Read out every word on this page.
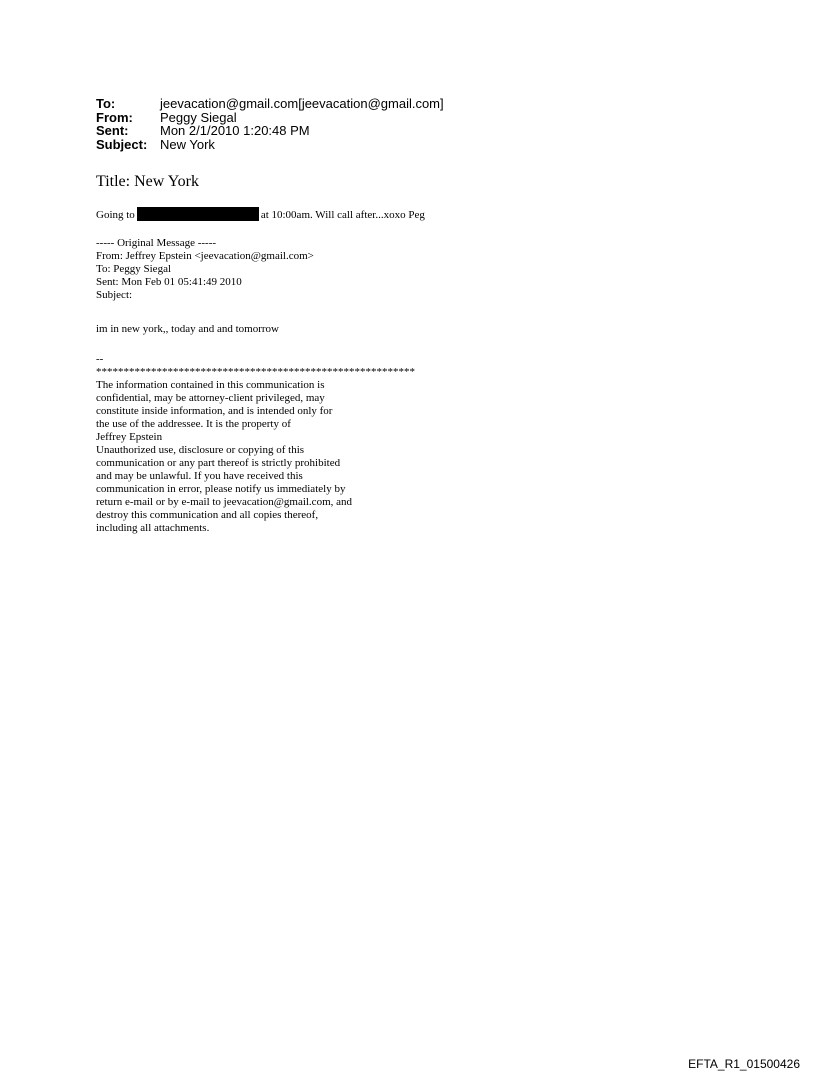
To:	jeevacation@gmail.com[jeevacation@gmail.com]
From:	Peggy Siegal
Sent:	Mon 2/1/2010 1:20:48 PM
Subject: New York
Title: New York
Going to	at 10:00am. Will call after...xoxo Peg
----- Original Message -----
From: Jeffrey Epstein <jeevacation@gmail.com>
To: Peggy Siegal
Sent: Mon Feb 01 05:41:49 2010
Subject:
im in new york,, today and and tomorrow
--
**********************************************************
The information contained in this communication is
confidential, may be attorney-client privileged, may
constitute inside information, and is intended only for
the use of the addressee. It is the property of
Jeffrey Epstein
Unauthorized use, disclosure or copying of this
communication or any part thereof is strictly prohibited
and may be unlawful. If you have received this
communication in error, please notify us immediately by
return e-mail or by e-mail to jeevacation@gmail.com, and
destroy this communication and all copies thereof,
including all attachments.
EFTA_R1_01500426
